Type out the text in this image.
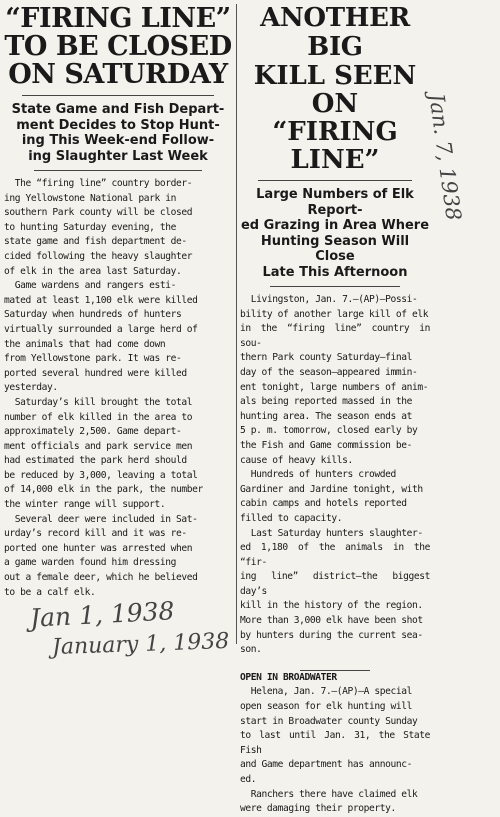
“FIRING LINE”

TO BE CLOSED

ON SATURDAY

State Game and Fish Depart-

ment Decides to Stop Hunt-

ing This Week-end Follow-

ing Slaughter Last Week

The “firing line” country border-
ing Yellowstone National park in
southern Park county will be closed
to hunting Saturday evening, the
state game and fish department de-
cided following the heavy slaughter
of elk in the area last Saturday.

Game wardens and rangers esti-
mated at least 1,100 elk were killed
Saturday when hundreds of hunters
virtually surrounded a large herd of
the animals that had come down
from Yellowstone park. It was re-
ported several hundred were killed
yesterday.

Saturday’s kill brought the total
number of elk killed in the area to
approximately 2,500. Game depart-
ment officials and park service men
had estimated the park herd should
be reduced by 3,000, leaving a total
of 14,000 elk in the park, the number
the winter range will support.

Several deer were included in Sat-
urday’s record kill and it was re-
ported one hunter was arrested when
a game warden found him dressing
out a female deer, which he believed
to be a calf elk.

ANOTHER BIG

KILL SEEN ON

“FIRING LINE”

Large Numbers of Elk Report-

ed Grazing in Area Where

Hunting Season Will Close

Late This Afternoon

Livingston, Jan. 7.—(AP)—Possi-
bility of another large kill of elk
in the “firing line” country in sou-
thern Park county Saturday—final
day of the season—appeared immin-
ent tonight, large numbers of anim-
als being reported massed in the
hunting area. The season ends at
5 p. m. tomorrow, closed early by
the Fish and Game commission be-
cause of heavy kills.

Hundreds of hunters crowded
Gardiner and Jardine tonight, with
cabin camps and hotels reported
filled to capacity.

Last Saturday hunters slaughter-
ed 1,180 of the animals in the “fir-
ing line” district—the biggest day’s
kill in the history of the region.
More than 3,000 elk have been shot
by hunters during the current sea-
son.

OPEN IN BROADWATER

Helena, Jan. 7.—(AP)—A special
open season for elk hunting will
start in Broadwater county Sunday
to last until Jan. 31, the State Fish
and Game department has announc-
ed.

Ranchers there have claimed elk
were damaging their property.

Jan 1, 1938
January 1, 1938
Jan. 7, 1938
